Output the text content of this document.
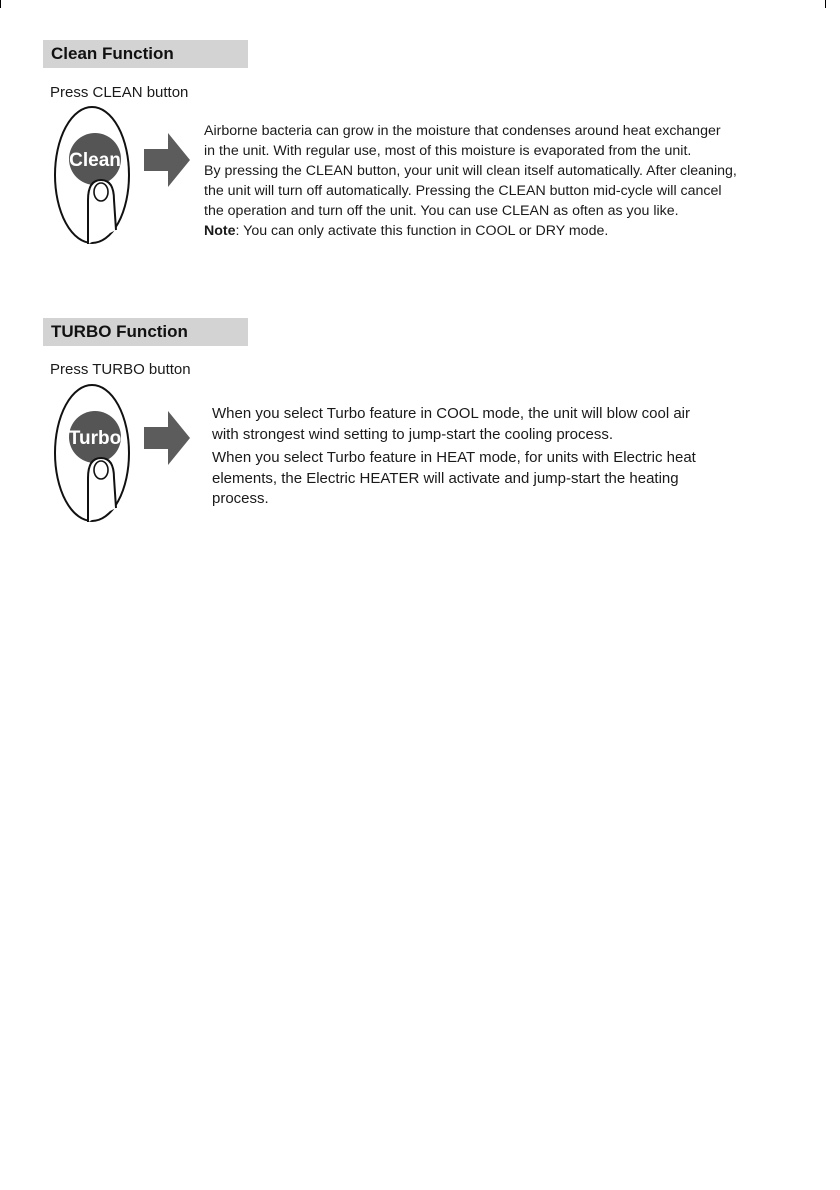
Clean Function
Press CLEAN button
Clean

Airborne bacteria can grow in the moisture that condenses around heat exchanger

in the unit. With regular use, most of this moisture is evaporated from the unit.

By pressing the CLEAN button, your unit will clean itself automatically. After cleaning,

the unit will turn off automatically. Pressing the CLEAN button mid-cycle will cancel

the operation and turn off the unit. You can use CLEAN as often as you like.

Note: You can only activate this function in COOL or DRY mode.

TURBO Function
Press TURBO button
Turbo

When you select Turbo feature in COOL mode, the unit will blow cool air

with strongest wind setting to jump-start the cooling process.

When you select Turbo feature in HEAT mode, for units with Electric heat

elements, the Electric HEATER will activate and jump-start the heating

process.
